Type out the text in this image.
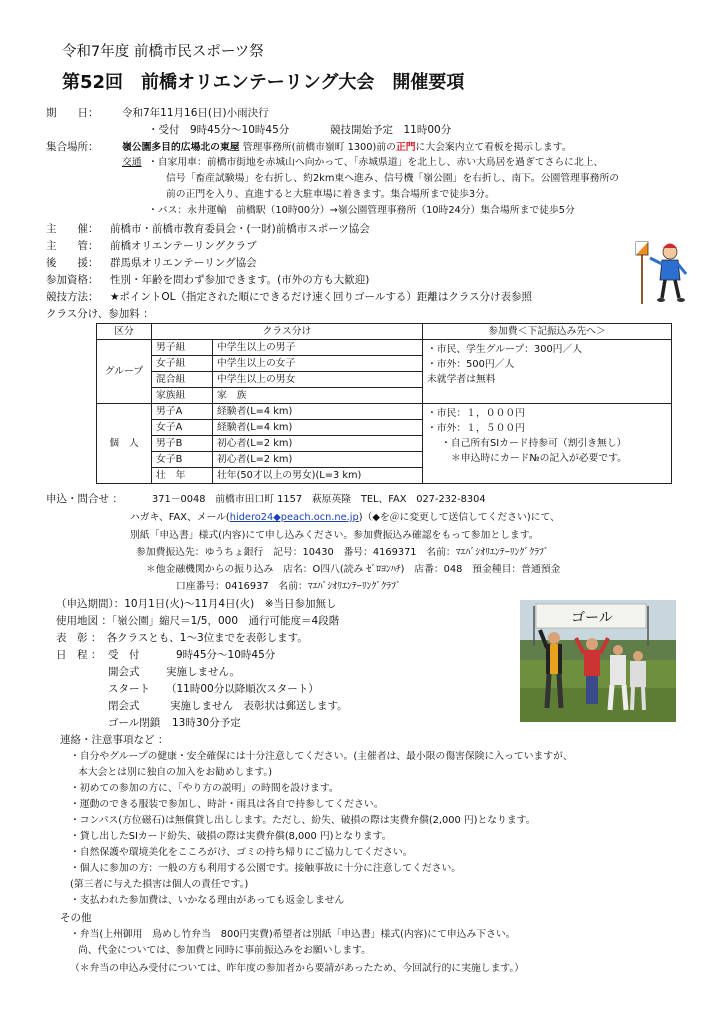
令和7年度 前橋市民スポーツ祭
第52回　前橋オリエンテーリング大会　開催要項
期　　日： 令和7年11月16日(日)小雨決行
・受付　9時45分～10時45分	競技開始予定　11時00分
集合場所： 嶺公園多目的広場北の東屋 管理事務所(前橋市嶺町 1300)前の正門に大会案内立て看板を掲示します。
交通 ・自家用車：前橋市街地を赤城山へ向かって、「赤城県道」を北上し、赤い大鳥居を過ぎてさらに北上、
信号「畜産試験場」を右折し、約2km東へ進み、信号機「嶺公園」を右折し、南下。公園管理事務所の
前の正門を入り、直進すると大駐車場に着きます。集合場所まで徒歩3分。
・バス：永井運輸　前橋駅（10時00分）→嶺公園管理事務所（10時24分）集合場所まで徒歩5分
主　　催： 前橋市・前橋市教育委員会・(一財)前橋市スポーツ協会
主　　管： 前橋オリエンテーリングクラブ
後　　援： 群馬県オリエンテーリング協会
参加資格： 性別・年齢を問わず参加できます。(市外の方も大歓迎)
競技方法： ★ポイントOL（指定された順にできるだけ速く回りゴールする）距離はクラス分け表参照
クラス分け、参加料 ：
区分	クラス分け		参加費＜下記振込み先へ＞
グループ	男子組	中学生以上の男子	・市民、学生グループ：300円／人
・市外：500円／人
未就学者は無料

	女子組	中学生以上の女子	
	混合組	中学生以上の男女	
	家族組	家　族	
個　人	男子A	経験者(L=4 km)	・市民：１，０００円
・市外：１，５００円
・自己所有SIカード持参可（割引き無し）
＊申込時にカード№の記入が必要です。

	女子A	経験者(L=4 km)	
	男子B	初心者(L=2 km)	
	女子B	初心者(L=2 km)	
	壮　年	壮年(50才以上の男女)(L=3 km)	
申込・問合せ ：	371－0048　前橋市田口町 1157　萩原英隆　TEL、FAX　027-232-8304
ハガキ、FAX、メール(hidero24◆peach.ocn.ne.jp)（◆を＠に変更して送信してください)にて、
別紙「申込書」様式(内容)にて申し込みください。参加費振込み確認をもって参加とします。
参加費振込先：ゆうちょ銀行　記号：10430　番号：4169371　名前：ﾏｴﾊﾞｼｵﾘｴﾝﾃｰﾘﾝｸﾞｸﾗﾌﾞ
＊他金融機関からの振り込み　店名：O四八(読み ｾﾞﾛﾖﾝﾊﾁ)　店番：048　預金種目：普通預金
口座番号：0416937　名前：ﾏｴﾊﾞｼｵﾘｴﾝﾃｰﾘﾝｸﾞｸﾗﾌﾞ
（申込期間）：10月1日(火)～11月4日(火)　※当日参加無し
使用地図 ：「嶺公園」縮尺＝1/5，000　通行可能度＝4段階
表　彰 ：　各クラスとも、1～3位までを表彰します。
日　程 ： 受　付	9時45分～10時45分
開会式	実施しません。
スタート （11時00分以降順次スタート）
閉会式	実施しません　表彰状は郵送します。
ゴール閉鎖 13時30分予定
ゴール
連絡・注意事項など ：
・自分やグループの健康・安全確保には十分注意してください。(主催者は、最小限の傷害保険に入っていますが、
本大会とは別に独自の加入をお勧めします。)
・初めての参加の方に、「やり方の説明」の時間を設けます。
・運動のできる服装で参加し、時計・雨具は各自で持参してください。
・コンパス(方位磁石)は無償貸し出しします。ただし、紛失、破損の際は実費弁償(2,000 円)となります。
・貸し出したSIカード紛失、破損の際は実費弁償(8,000 円)となります。
・自然保護や環境美化をこころがけ、ゴミの持ち帰りにご協力してください。
・個人に参加の方：一般の方も利用する公園です。接触事故に十分に注意してください。
(第三者に与えた損害は個人の責任です。)
・支払われた参加費は、いかなる理由があっても返金しません
その他
・弁当(上州御用　鳥めし竹弁当　800円実費)希望者は別紙「申込書」様式(内容)にて申込み下さい。
尚、代金については、参加費と同時に事前振込みをお願いします。
（＊弁当の申込み受付については、昨年度の参加者から要請があったため、今回試行的に実施します。）
